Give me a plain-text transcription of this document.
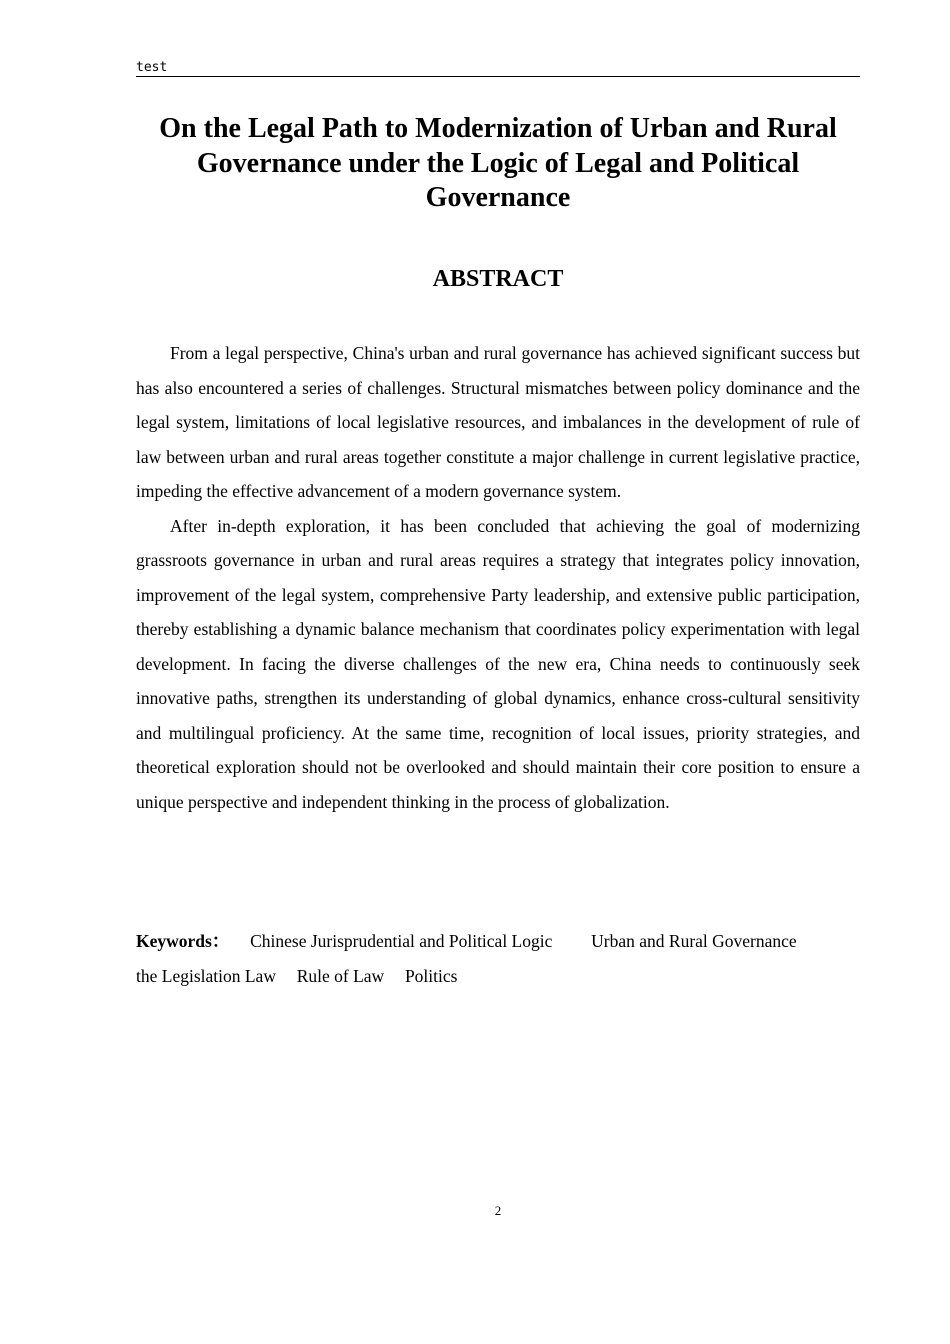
test
On the Legal Path to Modernization of Urban and Rural Governance under the Logic of Legal and Political Governance
ABSTRACT

From a legal perspective, China's urban and rural governance has achieved significant success but has also encountered a series of challenges. Structural mismatches between policy dominance and the legal system, limitations of local legislative resources, and imbalances in the development of rule of law between urban and rural areas together constitute a major challenge in current legislative practice, impeding the effective advancement of a modern governance system.

After in-depth exploration, it has been concluded that achieving the goal of modernizing grassroots governance in urban and rural areas requires a strategy that integrates policy innovation, improvement of the legal system, comprehensive Party leadership, and extensive public participation, thereby establishing a dynamic balance mechanism that coordinates policy experimentation with legal development. In facing the diverse challenges of the new era, China needs to continuously seek innovative paths, strengthen its understanding of global dynamics, enhance cross-cultural sensitivity and multilingual proficiency. At the same time, recognition of local issues, priority strategies, and theoretical exploration should not be overlooked and should maintain their core position to ensure a unique perspective and independent thinking in the process of globalization.

Keywords： Chinese Jurisprudential and Political Logic Urban and Rural Governance
the Legislation Law Rule of Law Politics
2
